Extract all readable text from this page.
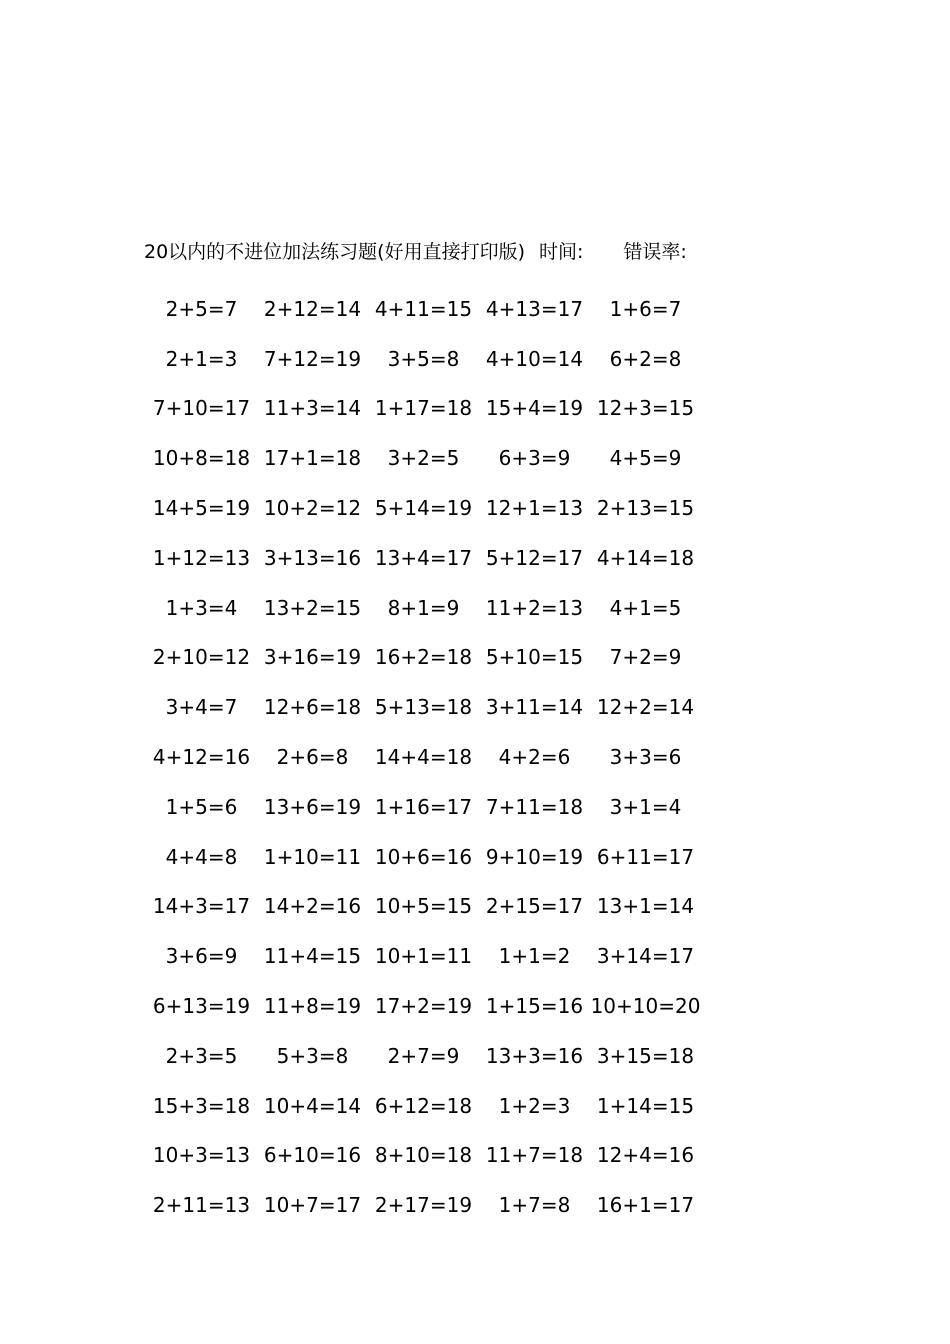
20以内的不进位加法练习题(好用直接打印版) 时间: 错误率:
2+5=7	2+12=14 4+11=15 4+13=17	1+6=7
2+1=3	7+12=19	3+5=8	4+10=14	6+2=8
7+10=17 11+3=14 1+17=18 15+4=19 12+3=15
10+8=18 17+1=18	3+2=5	6+3=9	4+5=9
14+5=19 10+2=12 5+14=19 12+1=13 2+13=15
1+12=13 3+13=16 13+4=17 5+12=17 4+14=18
1+3=4	13+2=15	8+1=9	11+2=13	4+1=5
2+10=12 3+16=19 16+2=18 5+10=15	7+2=9
3+4=7	12+6=18 5+13=18 3+11=14 12+2=14
4+12=16	2+6=8	14+4=18	4+2=6	3+3=6
1+5=6	13+6=19 1+16=17 7+11=18	3+1=4
4+4=8	1+10=11 10+6=16 9+10=19 6+11=17
14+3=17 14+2=16 10+5=15 2+15=17 13+1=14
3+6=9	11+4=15 10+1=11	1+1=2	3+14=17
6+13=19 11+8=19 17+2=19 1+15=16 10+10=20
2+3=5	5+3=8	2+7=9	13+3=16 3+15=18
15+3=18 10+4=14 6+12=18	1+2=3	1+14=15
10+3=13 6+10=16 8+10=18 11+7=18 12+4=16
2+11=13 10+7=17 2+17=19	1+7=8	16+1=17
